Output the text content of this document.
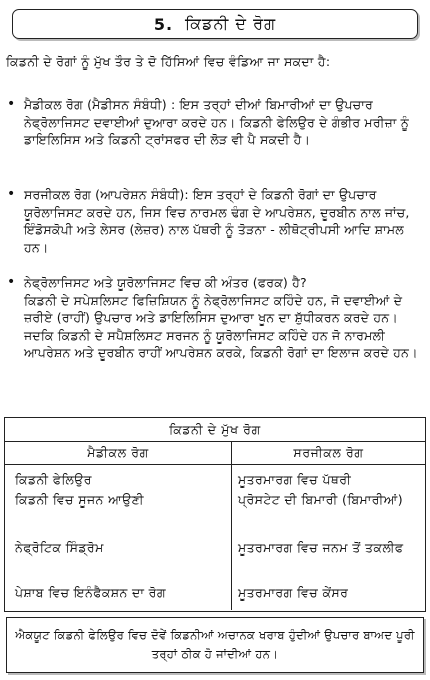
5. ਕਿਡਨੀ ਦੇ ਰੋਗ
ਕਿਡਨੀ ਦੇ ਰੋਗਾਂ ਨੂੰ ਮੁੱਖ ਤੌਰ ਤੇ ਦੋ ਹਿੱਸਿਆਂ ਵਿਚ ਵੰਡਿਆ ਜਾ ਸਕਦਾ ਹੈ:
• ਮੈਡੀਕਲ ਰੋਗ (ਮੈਡੀਸਨ ਸੰਬੰਧੀ) : ਇਸ ਤਰ੍ਹਾਂ ਦੀਆਂ ਬਿਮਾਰੀਆਂ ਦਾ ਉਪਚਾਰ ਨੇਫ੍ਰੋਲਾਜਿਸਟ ਦਵਾਈਆਂ ਦੁਆਰਾ ਕਰਦੇ ਹਨ। ਕਿਡਨੀ ਫੇਲਿਉਰ ਦੇ ਗੰਭੀਰ ਮਰੀਜ਼ਾ ਨੂੰ ਡਾਇਲਿਸਿਸ ਅਤੇ ਕਿਡਨੀ ਟ੍ਰਾਂਸਫਰ ਦੀ ਲੋੜ ਵੀ ਪੈ ਸਕਦੀ ਹੈ।
• ਸਰਜੀਕਲ ਰੋਗ (ਆਪਰੇਸ਼ਨ ਸੰਬੰਧੀ): ਇਸ ਤਰ੍ਹਾਂ ਦੇ ਕਿਡਨੀ ਰੋਗਾਂ ਦਾ ਉਪਚਾਰ ਯੂਰੋਲਾਜਿਸਟ ਕਰਦੇ ਹਨ, ਜਿਸ ਵਿਚ ਨਾਰਮਲ ਢੰਗ ਦੇ ਆਪਰੇਸ਼ਨ, ਦੂਰਬੀਨ ਨਾਲ ਜਾਂਚ, ਇੰਡੋਸਕੋਪੀ ਅਤੇ ਲੇਸਰ (ਲੇਜ਼ਰ) ਨਾਲ ਪੱਥਰੀ ਨੂੰ ਤੋੜਨਾ - ਲੀਥੋਟ੍ਰੀਪਸੀ ਆਦਿ ਸ਼ਾਮਲ ਹਨ।
• ਨੇਫ੍ਰੋਲਾਜਿਸਟ ਅਤੇ ਯੂਰੋਲਾਜਿਸਟ ਵਿਚ ਕੀ ਅੰਤਰ (ਫਰਕ) ਹੈ?
ਕਿਡਨੀ ਦੇ ਸਪੇਸ਼ਲਿਸਟ ਫਿਜ਼ਿਸ਼ਿਯਨ ਨੂੰ ਨੇਫ੍ਰੋਲਾਜਿਸਟ ਕਹਿੰਦੇ ਹਨ, ਜੋ ਦਵਾਈਆਂ ਦੇ ਜ਼ਰੀਏ (ਰਾਹੀਂ) ਉਪਚਾਰ ਅਤੇ ਡਾਇਲਿਸਿਸ ਦੁਆਰਾ ਖੂਨ ਦਾ ਸ਼ੁੱਧੀਕਰਨ ਕਰਦੇ ਹਨ। ਜਦਕਿ ਕਿਡਨੀ ਦੇ ਸਪੈਸ਼ਲਿਸਟ ਸਰਜਨ ਨੂੰ ਯੂਰੋਲਾਜਿਸਟ ਕਹਿੰਦੇ ਹਨ ਜੋ ਨਾਰਮਲੀ ਆਪਰੇਸ਼ਨ ਅਤੇ ਦੂਰਬੀਨ ਰਾਹੀਂ ਆਪਰੇਸ਼ਨ ਕਰਕੇ, ਕਿਡਨੀ ਰੋਗਾਂ ਦਾ ਇਲਾਜ ਕਰਦੇ ਹਨ।
ਕਿਡਨੀ ਦੇ ਮੁੱਖ ਰੋਗ
ਮੈਡੀਕਲ ਰੋਗ	ਸਰਜੀਕਲ ਰੋਗ
ਕਿਡਨੀ ਫੇਲਿਉਰ
ਕਿਡਨੀ ਵਿਚ ਸੂਜਨ ਆਉਣੀ
ਨੇਫ੍ਰੋਟਿਕ ਸਿੰਡ੍ਰੋਮ
ਪੇਸ਼ਾਬ ਵਿਚ ਇਨੰਫੈਕਸ਼ਨ ਦਾ ਰੋਗ
ਮੂਤਰਮਾਰਗ ਵਿਚ ਪੱਥਰੀ
ਪ੍ਰੋਸਟੇਟ ਦੀ ਬਿਮਾਰੀ (ਬਿਮਾਰੀਆਂ)
ਮੂਤਰਮਾਰਗ ਵਿਚ ਜਨਮ ਤੋਂ ਤਕਲੀਫ
ਮੂਤਰਮਾਰਗ ਵਿਚ ਕੇਂਸਰ
ਐਕਯੂਟ ਕਿਡਨੀ ਫੇਲਿਉਰ ਵਿਚ ਦੋਵੇਂ ਕਿਡਨੀਆਂ ਅਚਾਨਕ ਖਰਾਬ ਹੁੰਦੀਆਂ ਉਪਚਾਰ ਬਾਅਦ ਪੂਰੀ ਤਰ੍ਹਾਂ ਠੀਕ ਹੋ ਜਾਂਦੀਆਂ ਹਨ।
